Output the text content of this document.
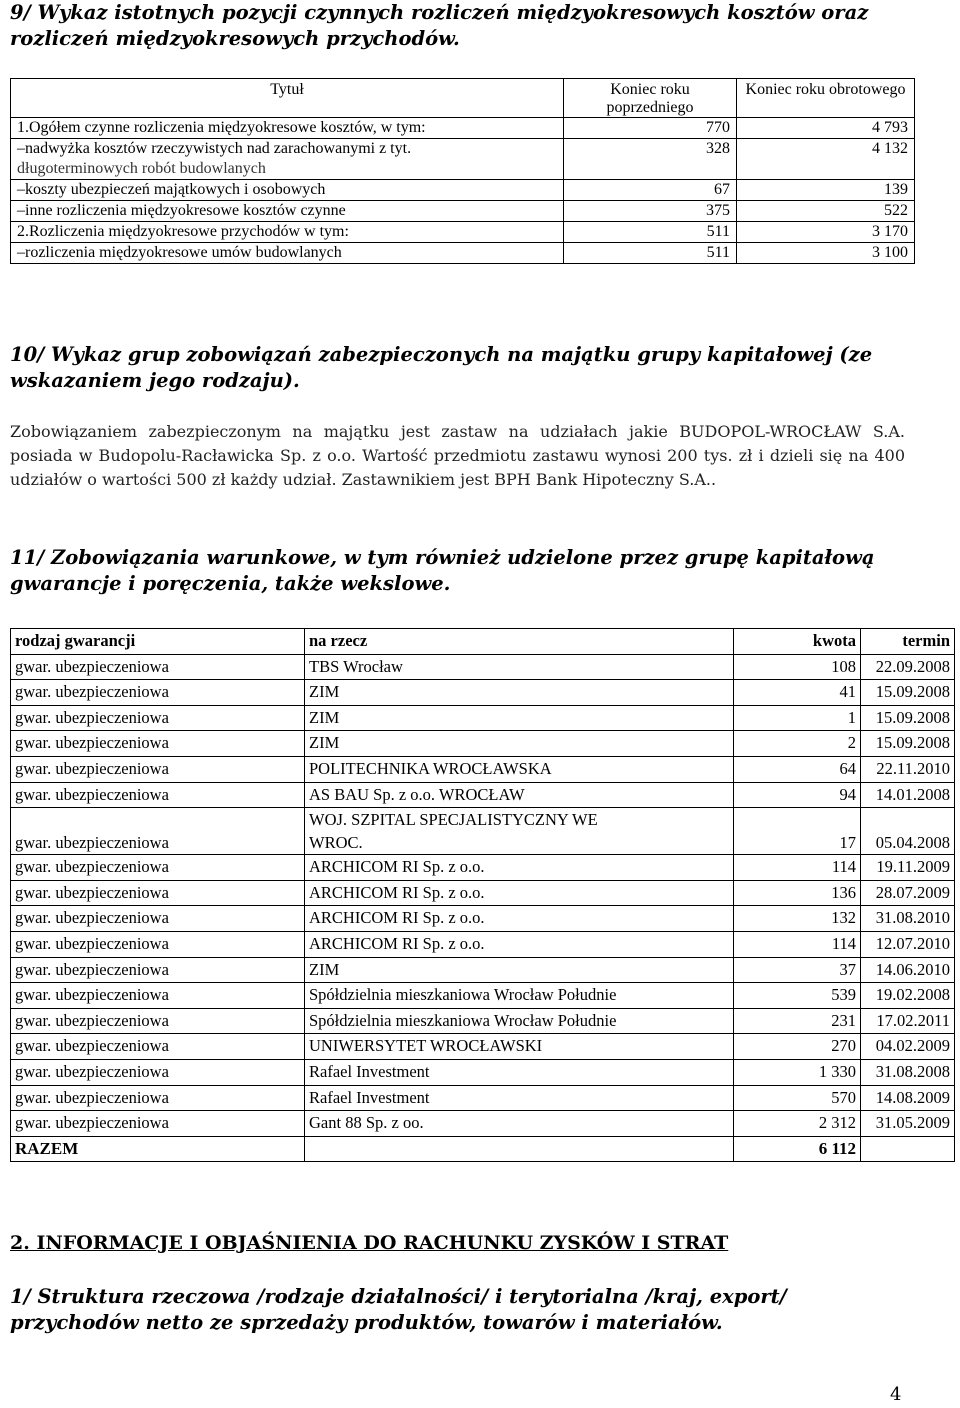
9/ Wykaz istotnych pozycji czynnych rozliczeń międzyokresowych kosztów oraz rozliczeń międzyokresowych przychodów.
Tytuł	Koniec roku poprzedniego	Koniec roku obrotowego
1.Ogółem czynne rozliczenia międzyokresowe kosztów, w tym:	770	4 793

– nadwyżka kosztów rzeczywistych nad zarachowanymi z tyt.
długoterminowych robót budowlanych	328	4 132
– koszty ubezpieczeń majątkowych i osobowych	67	139
– inne rozliczenia międzyokresowe kosztów czynne	375	522
2.Rozliczenia międzyokresowe przychodów w tym:	511	3 170
– rozliczenia międzyokresowe umów budowlanych	511	3 100
10/ Wykaz grup zobowiązań zabezpieczonych na majątku grupy kapitałowej (ze wskazaniem jego rodzaju).

Zobowiązaniem zabezpieczonym na majątku jest zastaw na udziałach jakie BUDOPOL-WROCŁAW S.A. posiada w Budopolu-Racławicka Sp. z o.o. Wartość przedmiotu zastawu wynosi 200 tys. zł i dzieli się na 400 udziałów o wartości 500 zł każdy udział. Zastawnikiem jest BPH Bank Hipoteczny S.A..

11/ Zobowiązania warunkowe, w tym również udzielone przez grupę kapitałową gwarancje i poręczenia, także wekslowe.
rodzaj gwarancji	na rzecz	kwota	termin
gwar. ubezpieczeniowa	TBS Wrocław	108	22.09.2008
gwar. ubezpieczeniowa	ZIM	41	15.09.2008
gwar. ubezpieczeniowa	ZIM	1	15.09.2008
gwar. ubezpieczeniowa	ZIM	2	15.09.2008
gwar. ubezpieczeniowa	POLITECHNIKA WROCŁAWSKA	64	22.11.2010
gwar. ubezpieczeniowa	AS BAU Sp. z o.o. WROCŁAW	94	14.01.2008
gwar. ubezpieczeniowa	WOJ. SZPITAL SPECJALISTYCZNY WE
WROC.	17	05.04.2008
gwar. ubezpieczeniowa	ARCHICOM RI Sp. z o.o.	114	19.11.2009
gwar. ubezpieczeniowa	ARCHICOM RI Sp. z o.o.	136	28.07.2009
gwar. ubezpieczeniowa	ARCHICOM RI Sp. z o.o.	132	31.08.2010
gwar. ubezpieczeniowa	ARCHICOM RI Sp. z o.o.	114	12.07.2010
gwar. ubezpieczeniowa	ZIM	37	14.06.2010
gwar. ubezpieczeniowa	Spółdzielnia mieszkaniowa Wrocław Południe	539	19.02.2008
gwar. ubezpieczeniowa	Spółdzielnia mieszkaniowa Wrocław Południe	231	17.02.2011
gwar. ubezpieczeniowa	UNIWERSYTET WROCŁAWSKI	270	04.02.2009
gwar. ubezpieczeniowa	Rafael Investment	1 330	31.08.2008
gwar. ubezpieczeniowa	Rafael Investment	570	14.08.2009
gwar. ubezpieczeniowa	Gant 88 Sp. z oo.	2 312	31.05.2009
RAZEM		6 112	
2. INFORMACJE I OBJAŚNIENIA DO RACHUNKU ZYSKÓW I STRAT
1/ Struktura rzeczowa /rodzaje działalności/ i terytorialna /kraj, export/ przychodów netto ze sprzedaży produktów, towarów i materiałów.

4
